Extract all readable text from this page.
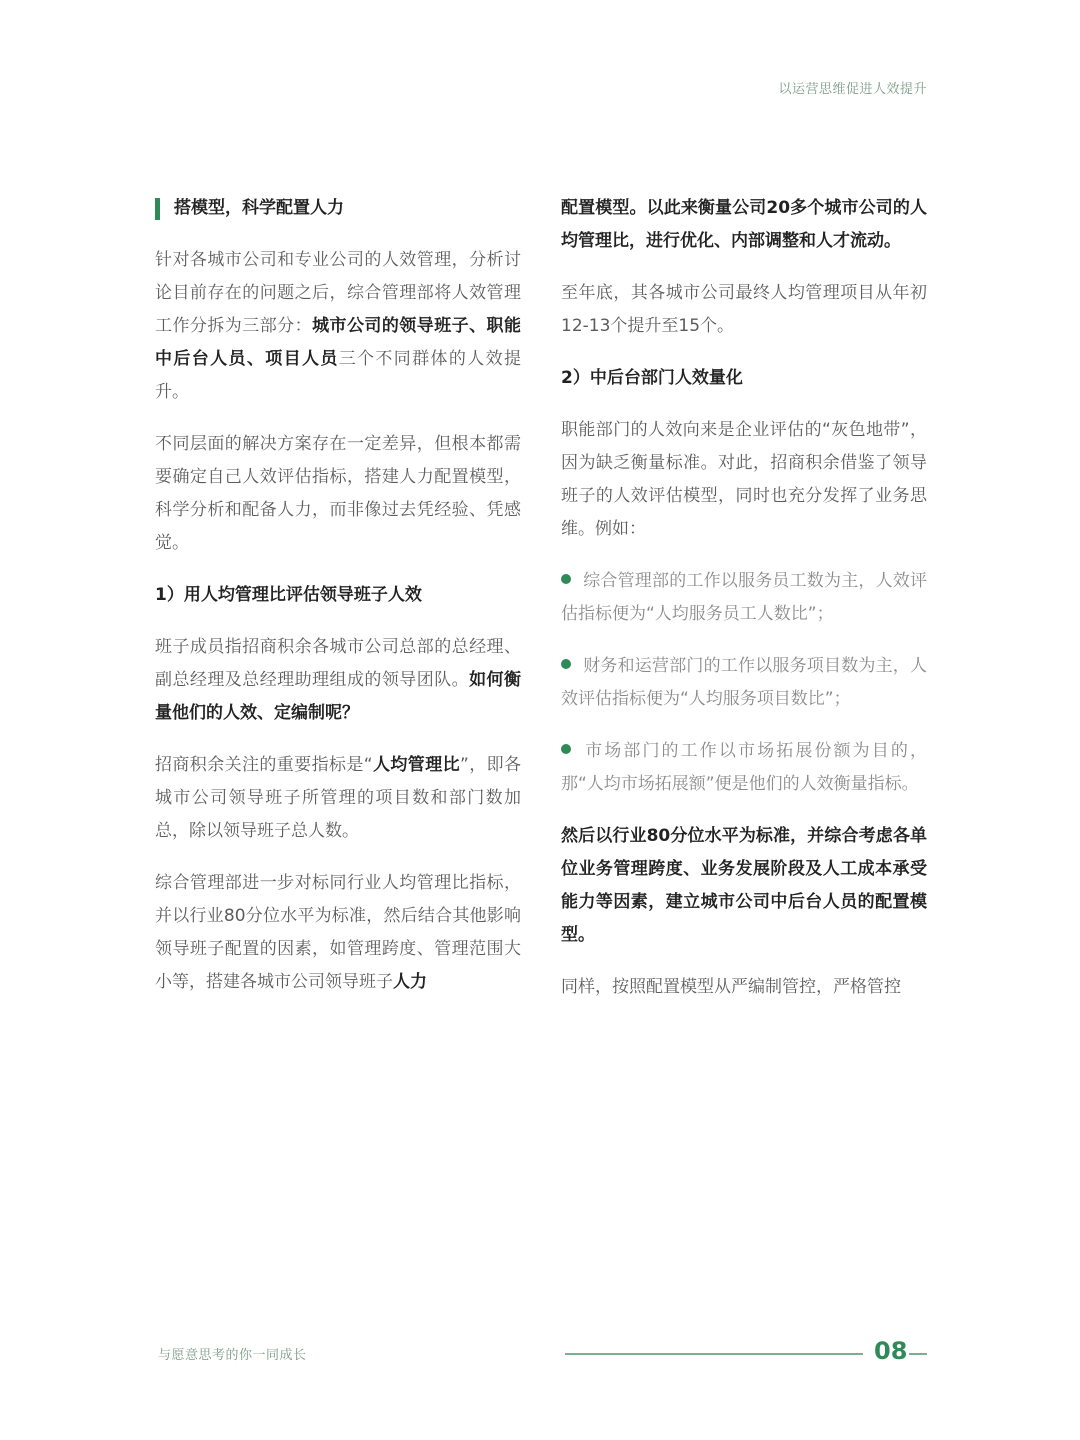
以运营思维促进人效提升
搭模型，科学配置人力

针对各城市公司和专业公司的人效管理，分析讨论目前存在的问题之后，综合管理部将人效管理工作分拆为三部分：城市公司的领导班子、职能中后台人员、项目人员三个不同群体的人效提升。

不同层面的解决方案存在一定差异，但根本都需要确定自己人效评估指标，搭建人力配置模型，科学分析和配备人力，而非像过去凭经验、凭感觉。

1）用人均管理比评估领导班子人效

班子成员指招商积余各城市公司总部的总经理、副总经理及总经理助理组成的领导团队。如何衡量他们的人效、定编制呢？

招商积余关注的重要指标是“人均管理比”，即各城市公司领导班子所管理的项目数和部门数加总，除以领导班子总人数。

综合管理部进一步对标同行业人均管理比指标，并以行业80分位水平为标准，然后结合其他影响领导班子配置的因素，如管理跨度、管理范围大小等，搭建各城市公司领导班子人力

配置模型。以此来衡量公司20多个城市公司的人均管理比，进行优化、内部调整和人才流动。

至年底，其各城市公司最终人均管理项目从年初12-13个提升至15个。

2）中后台部门人效量化

职能部门的人效向来是企业评估的“灰色地带”，因为缺乏衡量标准。对此，招商积余借鉴了领导班子的人效评估模型，同时也充分发挥了业务思维。例如：

综合管理部的工作以服务员工数为主，人效评估指标便为“人均服务员工人数比”；

财务和运营部门的工作以服务项目数为主，人效评估指标便为“人均服务项目数比”；

市场部门的工作以市场拓展份额为目的，那“人均市场拓展额”便是他们的人效衡量指标。

然后以行业80分位水平为标准，并综合考虑各单位业务管理跨度、业务发展阶段及人工成本承受能力等因素，建立城市公司中后台人员的配置模型。

同样，按照配置模型从严编制管控，严格管控

与愿意思考的你一同成长	08
